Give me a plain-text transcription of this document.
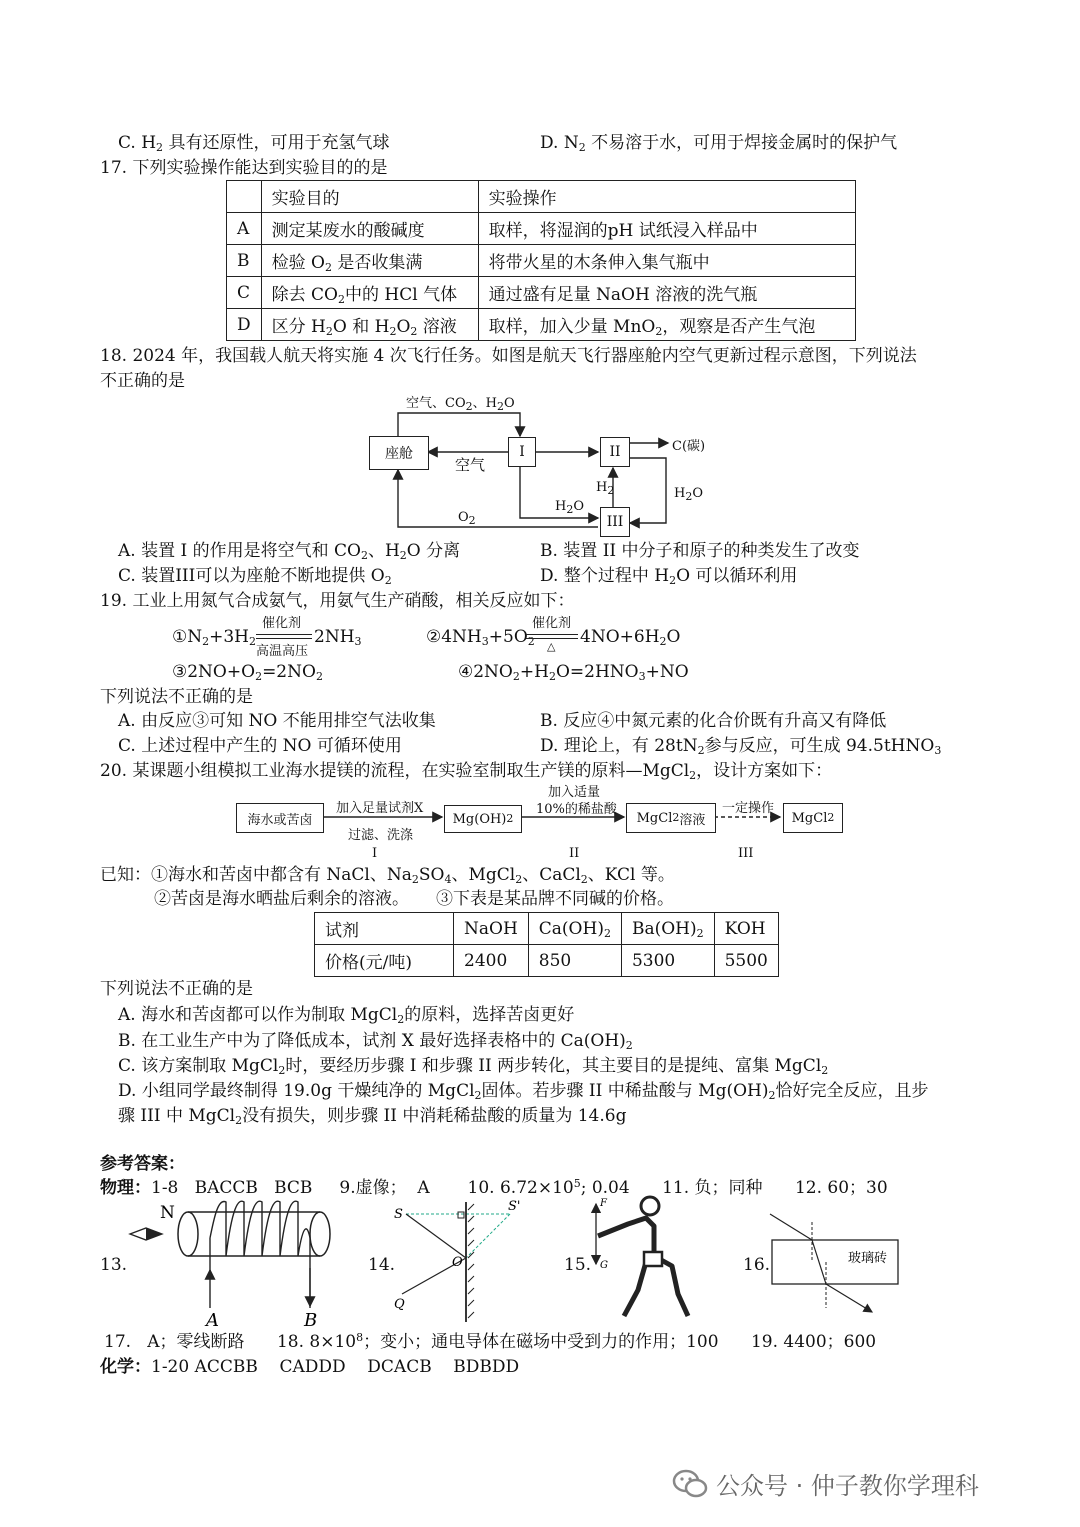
C. $H_2$ 具有还原性，可用于充氢气球	D. $N_2$ 不易溶于水，可用于焊接金属时的保护气
17. 下列实验操作能达到实验目的的是
	实验目的	实验操作
A	测定某废水的酸碱度	取样，将湿润的pH 试纸浸入样品中
B	检验 $O_2$ 是否收集满	将带火星的木条伸入集气瓶中
C	除去 $CO_2$中的 HCl 气体	通过盛有足量 NaOH 溶液的洗气瓶
D	区分 $H_2O$ 和 $H_2O_2$ 溶液	取样，加入少量 MnO$_2$，观察是否产生气泡
18. 2024 年，我国载人航天将实施 4 次飞行任务。如图是航天飞行器座舱内空气更新过程示意图，下列说法
不正确的是
座舱	I	II
III
空气、$CO_2$、$H_2O$
空气
C(碳)
$H_2$	$H_2O$
$H_2O$
$O_2$
A. 装置 I 的作用是将空气和 $CO_2$、$H_2O$ 分离	B. 装置 II 中分子和原子的种类发生了改变
C. 装置III可以为座舱不断地提供 $O_2$	D. 整个过程中 $H_2O$ 可以循环利用
19. 工业上用氮气合成氨气，用氨气生产硝酸，相关反应如下：
$①N_2+3H_2$
催化剂
高温高压
$2NH_3$	$②4NH_3+5O_2$
催化剂
△ $4NO+6H_2O$
$③2NO+O_2=2NO_2$	$④2NO_2+H_2O=2HNO_3+NO$
下列说法不正确的是
A. 由反应③可知 NO 不能用排空气法收集	B. 反应④中氮元素的化合价既有升高又有降低
C. 上述过程中产生的 NO 可循环使用	D. 理论上，有 $28tN_2$参与反应，可生成 94.5tHNO$_3$
20. 某课题小组模拟工业海水提镁的流程，在实验室制取生产镁的原料—MgCl$_2$，设计方案如下：
海水或苦卤	Mg(OH) 2	MgCl 2 溶液	MgCl 2
加入足量试剂X
过滤、洗涤
加入适量
10%的稀盐酸	一定操作
I	II	III
已知：①海水和苦卤中都含有 NaCl、$Na_2SO_4$、MgCl$_2$、CaCl$_2$、KCl 等。
②苦卤是海水晒盐后剩余的溶液。     ③下表是某品牌不同碱的价格。
试剂	NaOH	$Ca(OH)_2$	$Ba(OH)_2$	KOH
价格(元/吨)	2400	850	5300	5500
下列说法不正确的是
A. 海水和苦卤都可以作为制取 MgCl$_2$的原料，选择苦卤更好
B. 在工业生产中为了降低成本，试剂 X 最好选择表格中的 $Ca(OH)_2$
C. 该方案制取 MgCl$_2$时，要经历步骤 I 和步骤 II 两步转化，其主要目的是提纯、富集 MgCl$_2$
D. 小组同学最终制得 19.0g 干燥纯净的 MgCl$_2$固体。若步骤 II 中稀盐酸与 $Mg(OH)_2$恰好完全反应，且步
骤 III 中 MgCl$_2$没有损失，则步骤 II 中消耗稀盐酸的质量为 14.6g
参考答案：
物理：1-8   BACCB   BCB     9.虚像；  A       10. $6.72\times 10^5$; 0.04      11. 负；同种      12. 60；30
13.
N
A	B
14.
S
S'
O
Q
15.
F
G	16.	玻璃砖
17.   A；零线断路      18. $8\times 10^8$；变小；通电导体在磁场中受到力的作用；100      19. 4400；600
化学：1-20 ACCBB    CADDD    DCACB    BDBDD
公众号 · 仲子教你学理科
